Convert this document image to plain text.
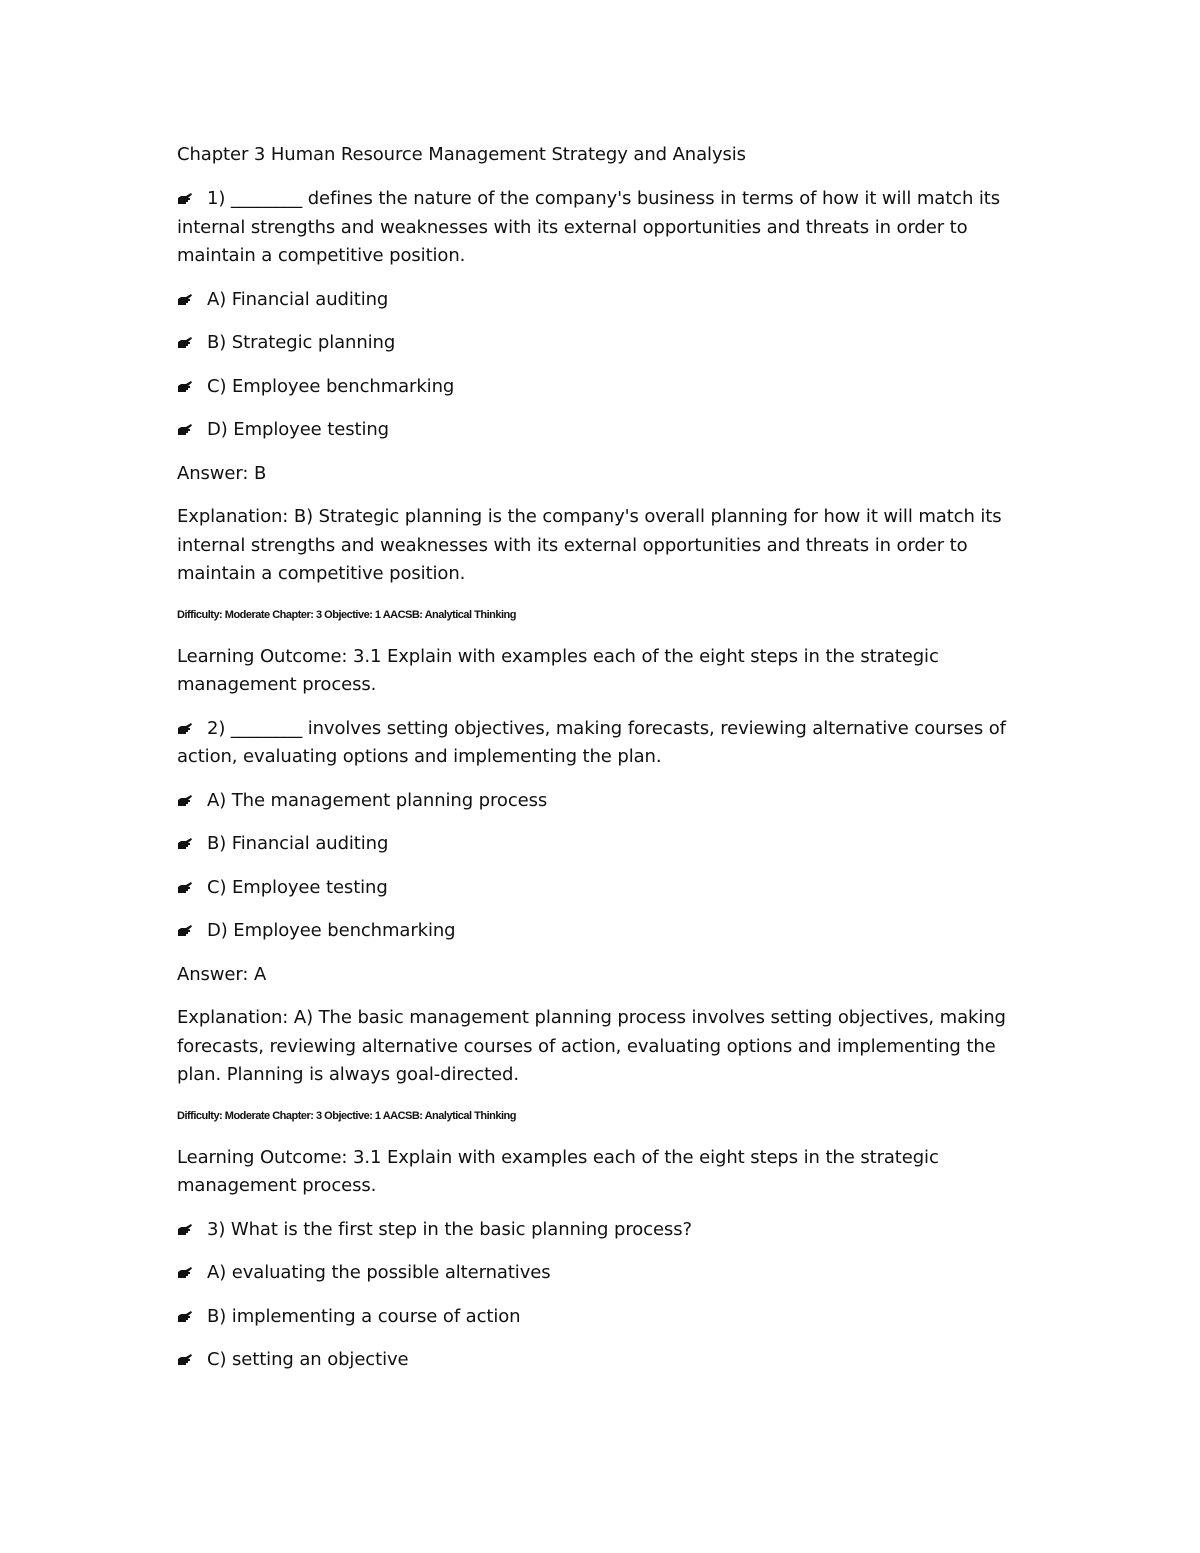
Chapter 3 Human Resource Management Strategy and Analysis

1) ________ defines the nature of the company's business in terms of how it will match its internal strengths and weaknesses with its external opportunities and threats in order to maintain a competitive position.

A) Financial auditing

B) Strategic planning

C) Employee benchmarking

D) Employee testing

Answer: B

Explanation: B) Strategic planning is the company's overall planning for how it will match its internal strengths and weaknesses with its external opportunities and threats in order to maintain a competitive position.

Difficulty: Moderate Chapter: 3 Objective: 1 AACSB: Analytical Thinking

Learning Outcome: 3.1 Explain with examples each of the eight steps in the strategic management process.

2) ________ involves setting objectives, making forecasts, reviewing alternative courses of action, evaluating options and implementing the plan.

A) The management planning process

B) Financial auditing

C) Employee testing

D) Employee benchmarking

Answer: A

Explanation: A) The basic management planning process involves setting objectives, making forecasts, reviewing alternative courses of action, evaluating options and implementing the plan. Planning is always goal-directed.

Difficulty: Moderate Chapter: 3 Objective: 1 AACSB: Analytical Thinking

Learning Outcome: 3.1 Explain with examples each of the eight steps in the strategic management process.

3) What is the first step in the basic planning process?

A) evaluating the possible alternatives

B) implementing a course of action

C) setting an objective
